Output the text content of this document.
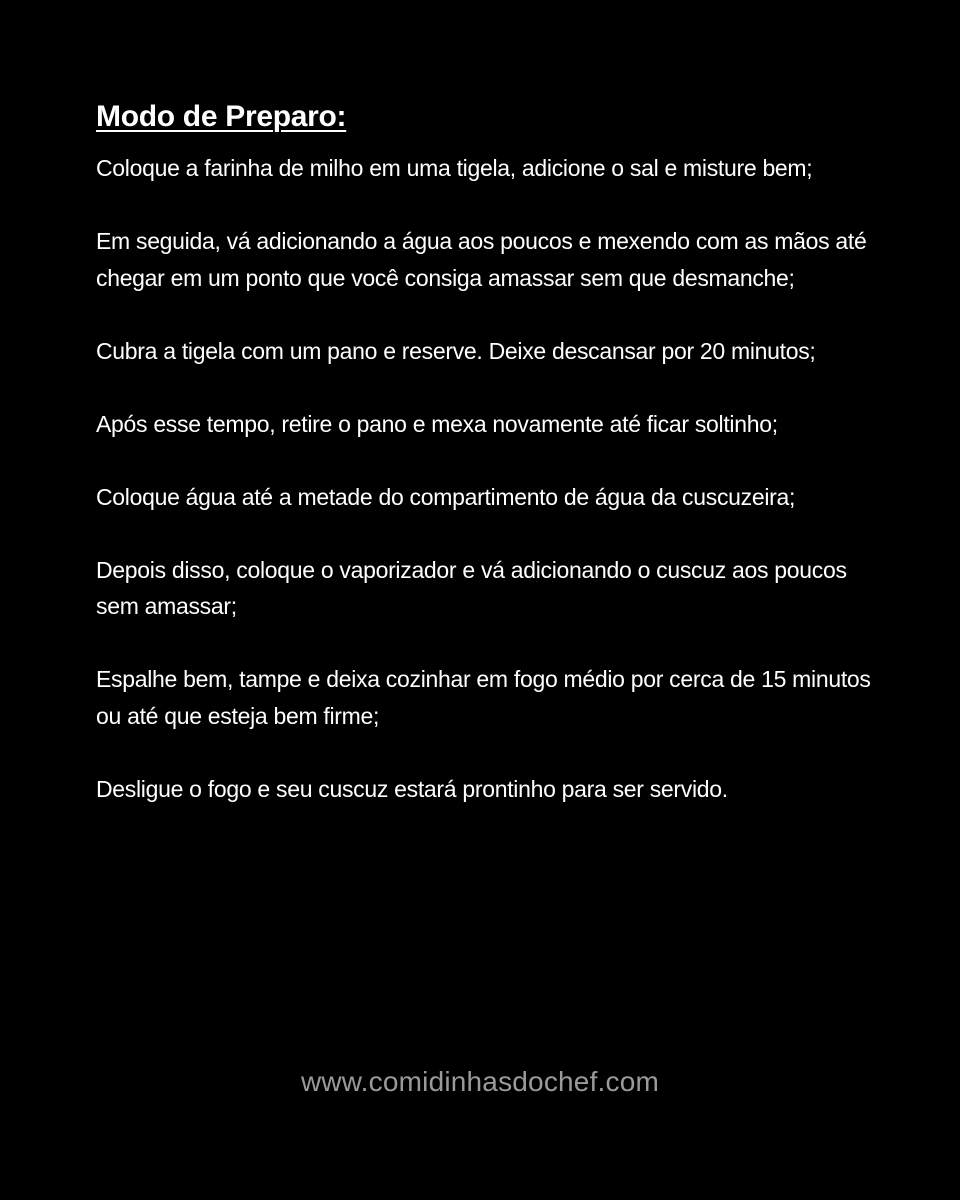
Modo de Preparo:
Coloque a farinha de milho em uma tigela, adicione o sal e misture bem;
Em seguida, vá adicionando a água aos poucos e mexendo com as mãos até chegar em um ponto que você consiga amassar sem que desmanche;
Cubra a tigela com um pano e reserve. Deixe descansar por 20 minutos;
Após esse tempo, retire o pano e mexa novamente até ficar soltinho;
Coloque água até a metade do compartimento de água da cuscuzeira;
Depois disso, coloque o vaporizador e vá adicionando o cuscuz aos poucos sem amassar;
Espalhe bem, tampe e deixa cozinhar em fogo médio por cerca de 15 minutos ou até que esteja bem firme;
Desligue o fogo e seu cuscuz estará prontinho para ser servido.
www.comidinhasdochef.com
